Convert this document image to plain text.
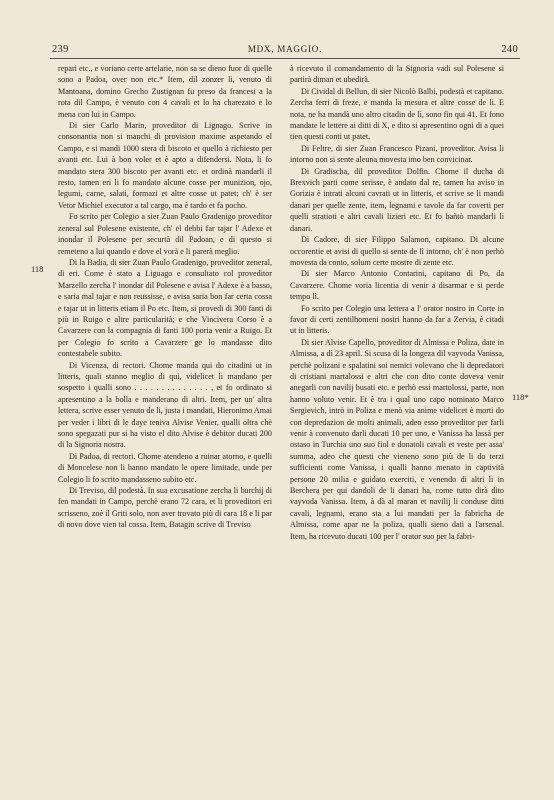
239	MDX, MAGGIO.	240
118
118*

repari etc., e voriano certe artelarie, non sa se dieno fuor di quelle sono a Padoa, over non etc.* Item, dil zonzer li, venuto di Mantoana, domino Grecho Zustignan fu preso da francesi a la rota dil Campo, è venuto con 4 cavali et lo ha charezato e lo mena con lui in Campo.

Di sier Carlo Marin, proveditor di Lignago. Scrive in consonantia non si manchi di provision maxime aspetando el Campo, e si mandi 1000 stera di biscoto et quello à richiesto per avanti etc. Lui à bon voler et è apto a difendersi. Nota, li fo mandato stera 300 biscoto per avanti etc. et ordinà mandarli il resto, tamen eri li fo mandato alcune cosse per munizion, ojo, legumi, carne, salati, formazi et altre cosse ut patet; ch' è ser Vetor Michiel executor a tal cargo, ma è tardo et fa pocho.

Fo scrito per Colegio a sier Zuan Paulo Gradenigo proveditor zeneral sul Polesene existente, ch' el debbi far tajar l' Adexe et inondar il Polesene per securtà dil Padoan, e di questo si remeteno a lui quando e dove el vorà e li parerà meglio.

Di la Badia, di sier Zuan Paulo Gradenigo, proveditor zeneral, di eri. Come è stato a Liguago e consultato col proveditor Marzello zercha l' inondar dil Polesene e avisa l' Adexe è a basso, e saria mal tajar e non reussisse, e avisa saria bon far certa cossa e tajar ut in litteris etiam il Po etc. Item, si provedi di 300 fanti di più in Ruigo e altre particularità; e che Vincivera Corso è a Cavarzere con la compagnia di fanti 100 poria venir a Ruigo. Et per Colegio fo scrito a Cavarzere ge lo mandasse dito contestabele subito.

Di Vicenza, di rectori. Chome manda qui do citadini ut in litteris, quali stanno meglio di qui, videlicet li mandano per sospetto i qualli sono . . . . . . . . . . . . . . , et fo ordinato si apresentino a la bolla e manderano di altri. Item, per un' altra lettera, scrive esser venuto de li, justa i mandati, Hieronimo Amai per veder i libri di le daye teniva Alvise Venier, qualli oltra chè sono spegazati pur si ha visto el dito Alvise è debitor ducati 200 di la Signoria nostra.

Di Padoa, di rectori. Chome atendeno a ruinar atorno, e quelli di Moncelese non li hanno mandato le opere limitade, unde per Colegio li fo scrito mandasseno subito etc.

Di Treviso, dil podestà. In sua excusatione zercha li burchij di fen mandati in Campo, perchè erano 72 cara, et li proveditori eri scrisseno, zoè il Griti solo, non aver trovato più di cara 18 e li par di novo dove vien tal cossa. Item, Batagin scrive di Treviso

à ricevuto il comandamento di la Signoria vadi sul Polesene si partirà diman et ubedirà.

Di Cividal di Bellun, di sier Nicolò Balbi, podestà et capitano. Zercha ferri di freze, e manda la mesura et altre cosse de li. E nota, ne ha mandà uno altro citadin de lì, sono fin qui 41. Et fono mandate le lettere ai ditti di X, e dito si apresentino ogni di a quei tien questi conti ut patet.

Di Feltre, di sier Zuan Francesco Pizani, proveditor. Avisa li intorno non si sente aleuna movesta imo ben convicinar.

Di Gradischa, dil proveditor Dolfin. Chome il ducha di Brexvich parti come serisse, è andato dal re, tamen ha aviso in Gorizia è intrati alcuni cavrati ut in litteris, et scrive se li mandi danari per quelle zente, item, legnami e tavole da far coverti per quelli stratioti e altri cavali lizieri etc. Et fo bañtò mandarli li danari.

Di Cadore, di sier Filippo Salamon, capitano. Di alcune occorentie et avisi di quello si sente de lì intorno, ch' è non perhò movesta da conto, solum certe mostre di zente etc.

Di sier Marco Antonio Contarini, capitano di Po, da Cavarzere. Chome voria licentia di venir a disarmar e si perde tempo lì.

Fo scrito per Colegio una lettera a l' orator nostro in Corte in favor di certi zentilhomeni nostri hanno da far a Zervia, è citadi ut in litteris.

Di sier Alvise Capello, proveditor di Almissa e Poliza, date in Almissa, a dì 23 april. Si scusa di la longeza dil vayvoda Vanissa, perchè polizani e spalatini soi nemici volevano che li depredatori di cristiani martalossi e altri che con dito conte doveva venir anegarli con navilij busati etc. e perhò essi martolossi, parte, non hanno voluto venir. Et è tra i qual uno capo nominato Marco Sergievich, intrò in Poliza e menò via anime videlicet è morti do con depredazion de molti animali, adeo esso proveditor per farli venir à convenuto darli ducati 10 per uno, e Vanissa ha lassà per ostaso in Turchia uno suo fiol e donatoli cavali et veste per assa' summa, adeo che questi che vieneno sono più de li do terzi sufficienti come Vanissa, i qualli hanno menato in captività persone 20 milia e guidato exerciti, e venendo di altri li in Berchera per qui dandoli de li danari ha, come tutto dirà dito vayvoda Vanissa. Item, à dà al maran et navilij li conduse ditti cavali, legnami, erano sta a lui mandati per la fabricha de Almissa, come apar ne la poliza, qualli sieno dati a l'arsenal. Item, ha ricevuto ducati 100 per l' orator suo per la fabri-
